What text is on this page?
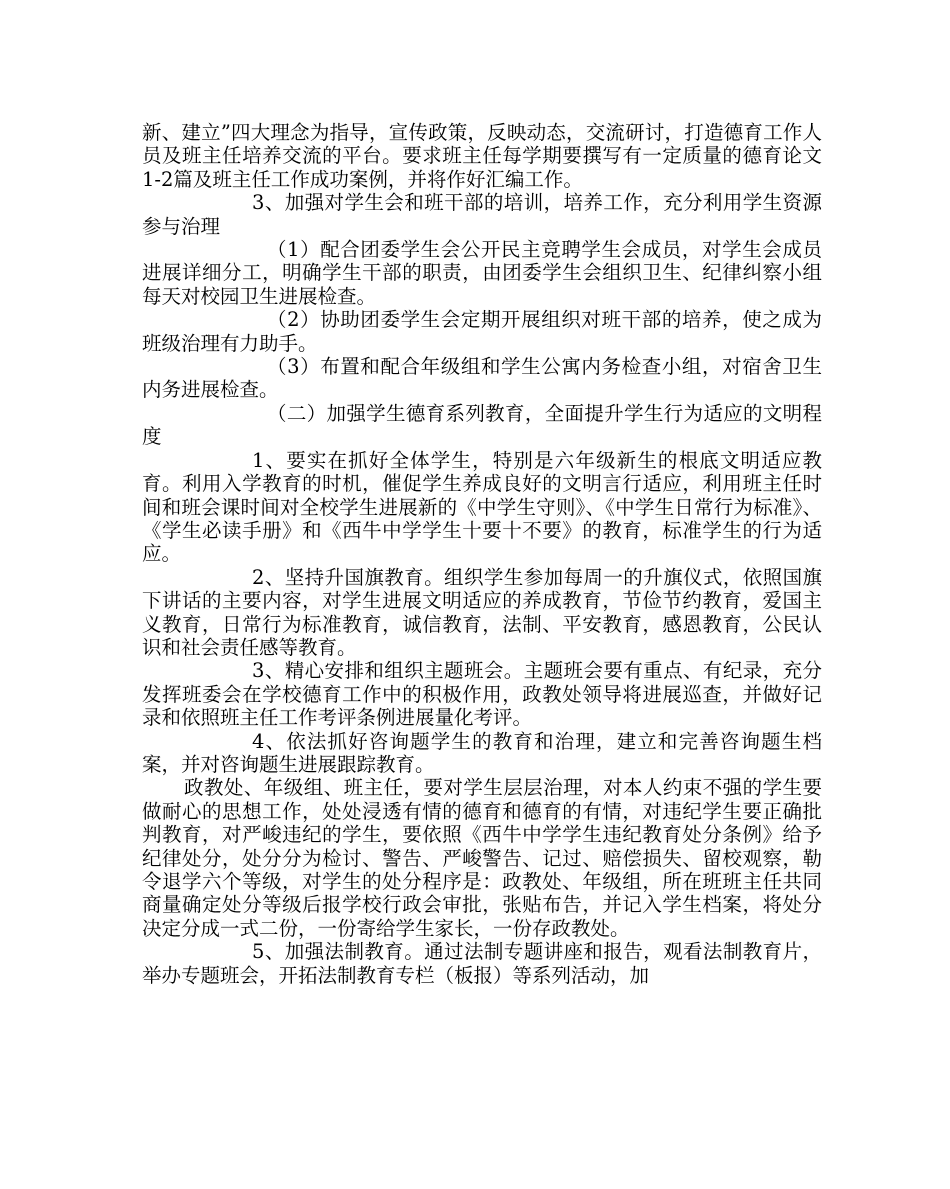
新、建立”四大理念为指导，宣传政策，反映动态，交流研讨，打造德育工作人员及班主任培养交流的平台。要求班主任每学期要撰写有一定质量的德育论文1-2篇及班主任工作成功案例，并将作好汇编工作。

3、加强对学生会和班干部的培训，培养工作，充分利用学生资源参与治理

（1）配合团委学生会公开民主竞聘学生会成员，对学生会成员进展详细分工，明确学生干部的职责，由团委学生会组织卫生、纪律纠察小组每天对校园卫生进展检查。

（2）协助团委学生会定期开展组织对班干部的培养，使之成为班级治理有力助手。

（3）布置和配合年级组和学生公寓内务检查小组，对宿舍卫生内务进展检查。

（二）加强学生德育系列教育，全面提升学生行为适应的文明程度

1、要实在抓好全体学生，特别是六年级新生的根底文明适应教育。利用入学教育的时机，催促学生养成良好的文明言行适应，利用班主任时间和班会课时间对全校学生进展新的《中学生守则》、《中学生日常行为标准》、《学生必读手册》和《西牛中学学生十要十不要》的教育，标准学生的行为适应。

2、坚持升国旗教育。组织学生参加每周一的升旗仪式，依照国旗下讲话的主要内容，对学生进展文明适应的养成教育，节俭节约教育，爱国主义教育，日常行为标准教育，诚信教育，法制、平安教育，感恩教育，公民认识和社会责任感等教育。

3、精心安排和组织主题班会。主题班会要有重点、有纪录，充分发挥班委会在学校德育工作中的积极作用，政教处领导将进展巡查，并做好记录和依照班主任工作考评条例进展量化考评。

4、依法抓好咨询题学生的教育和治理，建立和完善咨询题生档案，并对咨询题生进展跟踪教育。

政教处、年级组、班主任，要对学生层层治理，对本人约束不强的学生要做耐心的思想工作，处处浸透有情的德育和德育的有情，对违纪学生要正确批判教育，对严峻违纪的学生，要依照《西牛中学学生违纪教育处分条例》给予纪律处分，处分分为检讨、警告、严峻警告、记过、赔偿损失、留校观察，勒令退学六个等级，对学生的处分程序是：政教处、年级组，所在班班主任共同商量确定处分等级后报学校行政会审批，张贴布告，并记入学生档案，将处分决定分成一式二份，一份寄给学生家长，一份存政教处。

5、加强法制教育。通过法制专题讲座和报告，观看法制教育片，举办专题班会，开拓法制教育专栏（板报）等系列活动，加
